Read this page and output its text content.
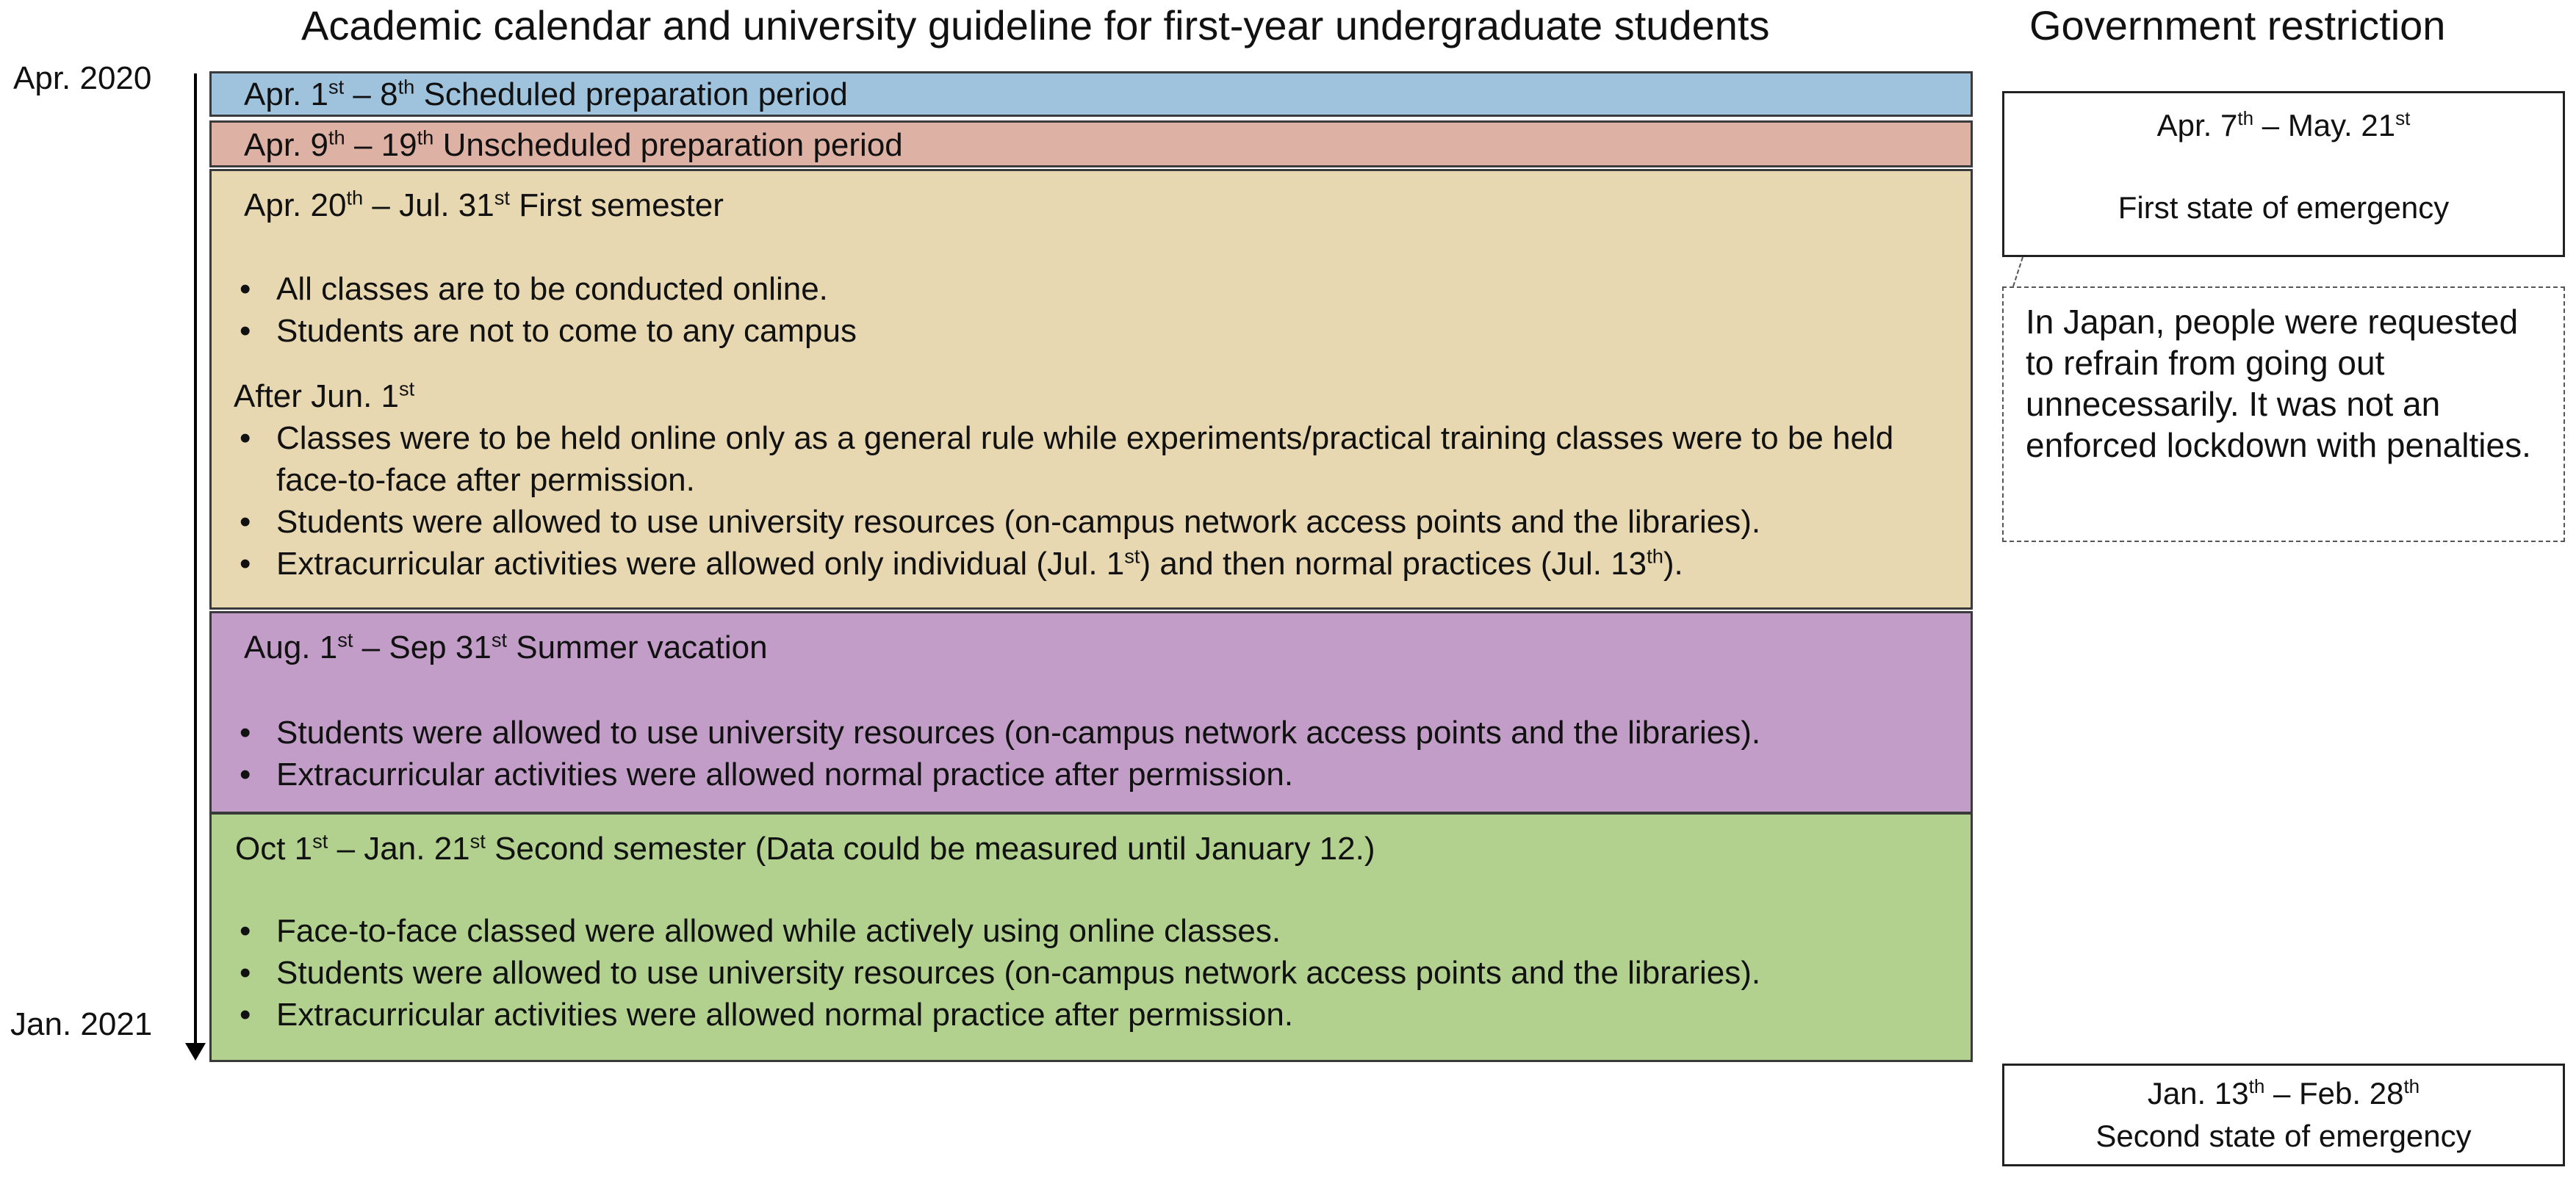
Academic calendar and university guideline for first-year undergraduate students	Government restriction
Apr. 2020
Jan. 2021
Apr. 1st – 8th Scheduled preparation period
Apr. 9th – 19th Unscheduled preparation period
Apr. 20th – Jul. 31st First semester
• All classes are to be conducted online.
• Students are not to come to any campus
After Jun. 1st
• Classes were to be held online only as a general rule while experiments/practical training classes were to be held face-to-face after permission.
• Students were allowed to use university resources (on-campus network access points and the libraries).
• Extracurricular activities were allowed only individual (Jul. 1st) and then normal practices (Jul. 13th).
Aug. 1st – Sep 31st Summer vacation
• Students were allowed to use university resources (on-campus network access points and the libraries).
• Extracurricular activities were allowed normal practice after permission.
Oct 1st – Jan. 21st Second semester (Data could be measured until January 12.)
• Face-to-face classed were allowed while actively using online classes.
• Students were allowed to use university resources (on-campus network access points and the libraries).
• Extracurricular activities were allowed normal practice after permission.
Apr. 7th – May. 21st
First state of emergency
In Japan, people were requested to refrain from going out unnecessarily. It was not an enforced lockdown with penalties.
Jan. 13th – Feb. 28th
Second state of emergency
